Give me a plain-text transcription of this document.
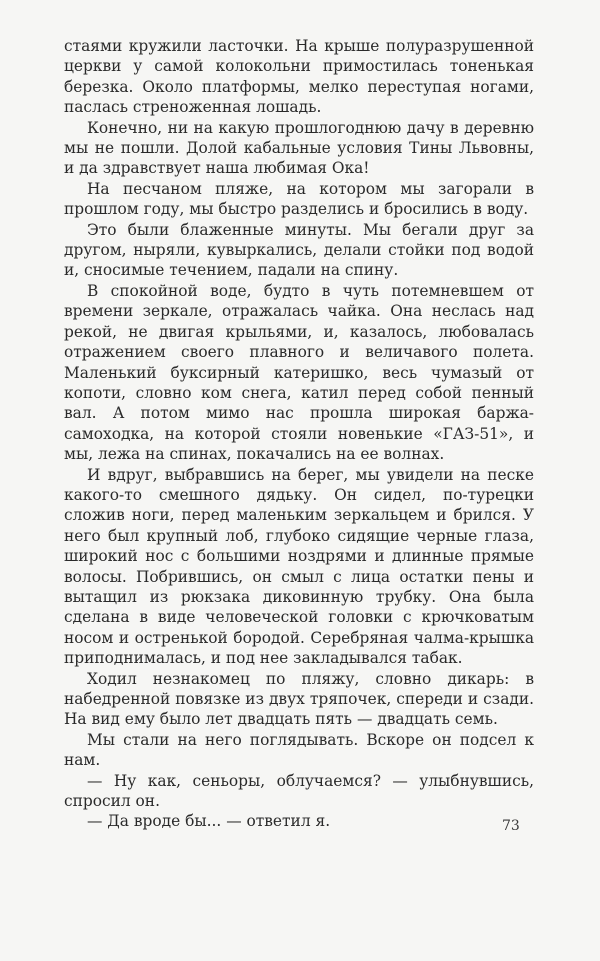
стаями кружили ласточки. На крыше полуразрушенной церкви у самой колокольни примостилась тоненькая березка. Около платформы, мелко переступая ногами, паслась стреноженная лошадь.

Конечно, ни на какую прошлогоднюю дачу в деревню мы не пошли. Долой кабальные условия Тины Львовны, и да здравствует наша любимая Ока!

На песчаном пляже, на котором мы загорали в прошлом году, мы быстро разделись и бросились в воду.

Это были блаженные минуты. Мы бегали друг за другом, ныряли, кувыркались, делали стойки под водой и, сносимые течением, падали на спину.

В спокойной воде, будто в чуть потемневшем от времени зеркале, отражалась чайка. Она неслась над рекой, не двигая крыльями, и, казалось, любовалась отражением своего плавного и величавого полета. Маленький буксирный катеришко, весь чумазый от копоти, словно ком снега, катил перед собой пенный вал. А потом мимо нас прошла широкая баржа-самоходка, на которой стояли новенькие «ГАЗ-51», и мы, лежа на спинах, покачались на ее волнах.

И вдруг, выбравшись на берег, мы увидели на песке какого-то смешного дядьку. Он сидел, по-турецки сложив ноги, перед маленьким зеркальцем и брился. У него был крупный лоб, глубоко сидящие черные глаза, широкий нос с большими ноздрями и длинные прямые волосы. Побрившись, он смыл с лица остатки пены и вытащил из рюкзака диковинную трубку. Она была сделана в виде человеческой головки с крючковатым носом и остренькой бородой. Серебряная чалма-крышка приподнималась, и под нее закладывался табак.

Ходил незнакомец по пляжу, словно дикарь: в набедренной повязке из двух тряпочек, спереди и сзади. На вид ему было лет двадцать пять — двадцать семь.

Мы стали на него поглядывать. Вскоре он подсел к нам.

— Ну как, сеньоры, облучаемся? — улыбнувшись, спросил он.

— Да вроде бы... — ответил я.	73
